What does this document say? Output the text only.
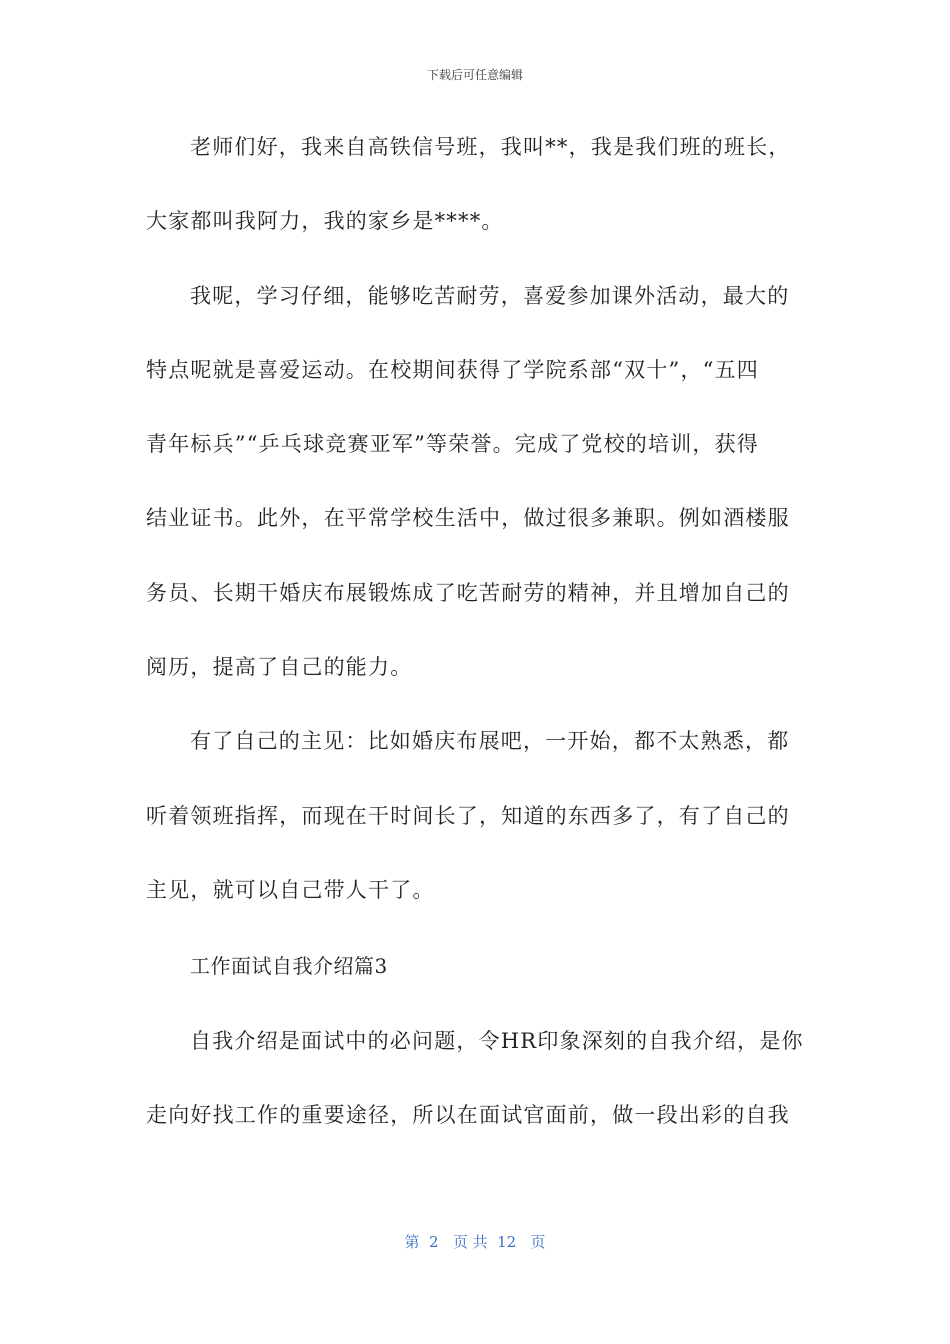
下载后可任意编辑
老师们好，我来自高铁信号班，我叫**，我是我们班的班长，
大家都叫我阿力，我的家乡是****。
我呢，学习仔细，能够吃苦耐劳，喜爱参加课外活动，最大的
特点呢就是喜爱运动。在校期间获得了学院系部“双十”，“五四
青年标兵”“乒乓球竞赛亚军”等荣誉。完成了党校的培训，获得
结业证书。此外，在平常学校生活中，做过很多兼职。例如酒楼服
务员、长期干婚庆布展锻炼成了吃苦耐劳的精神，并且增加自己的
阅历，提高了自己的能力。
有了自己的主见：比如婚庆布展吧，一开始，都不太熟悉，都
听着领班指挥，而现在干时间长了，知道的东西多了，有了自己的
主见，就可以自己带人干了。
工作面试自我介绍篇3
自我介绍是面试中的必问题，令HR印象深刻的自我介绍，是你
走向好找工作的重要途径，所以在面试官面前，做一段出彩的自我
第  2   页 共  12   页
